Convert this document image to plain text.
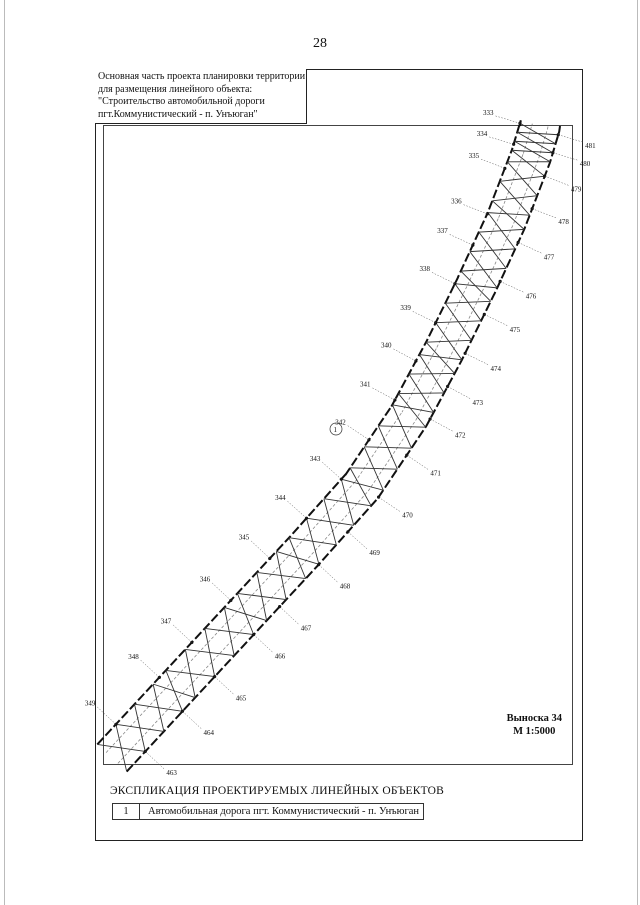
28
Основная часть проекта планировки территории
для размещения линейного объекта:
"Строительство автомобильной дороги
пгт.Коммунистический - п. Унъюган"	333
334
335
336
337
338
339
340
341
342
343
344
345
346
347
348
349
481
480
479
478
477
476
475
474
473
472
471
470
469
468
467
466
465
464
463
1
Выноска 34
М 1:5000
ЭКСПЛИКАЦИЯ ПРОЕКТИРУЕМЫХ ЛИНЕЙНЫХ ОБЪЕКТОВ
1	Автомобильная дорога пгт. Коммунистический - п. Унъюган
